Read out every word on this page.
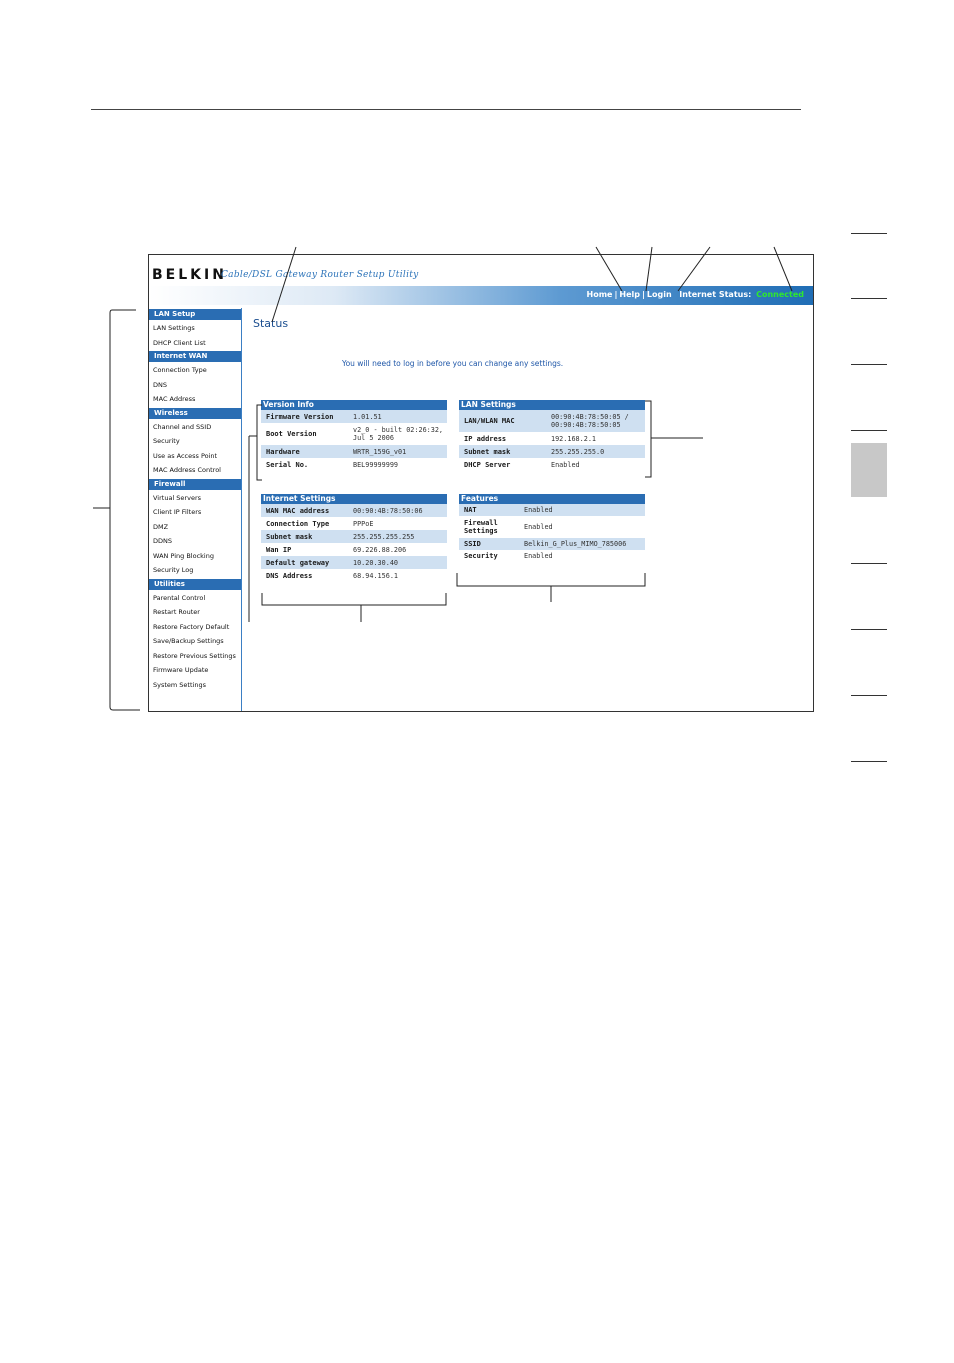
BELKIN
Cable/DSL Gateway Router Setup Utility
Home | Help | Login Internet Status: Connected
LAN Setup
LAN Settings
DHCP Client List
Internet WAN
Connection Type
DNS
MAC Address
Wireless
Channel and SSID
Security
Use as Access Point
MAC Address Control
Firewall
Virtual Servers
Client IP Filters
DMZ
DDNS
WAN Ping Blocking
Security Log
Utilities
Parental Control
Restart Router
Restore Factory Default
Save/Backup Settings
Restore Previous Settings
Firmware Update
System Settings
Status
You will need to log in before you can change any settings.
Version Info
Firmware Version	1.01.51
Boot Version	v2_0 - built 02:26:32,
Jul 5 2006
Hardware	WRTR_159G_v01
Serial No.	BEL99999999
LAN Settings
LAN/WLAN MAC	00:90:4B:78:50:05 /
00:90:4B:78:50:05
IP address	192.168.2.1
Subnet mask	255.255.255.0
DHCP Server	Enabled
Internet Settings
WAN MAC address	00:90:4B:78:50:06
Connection Type	PPPoE
Subnet mask	255.255.255.255
Wan IP	69.226.88.206
Default gateway	10.20.30.40
DNS Address	68.94.156.1
Features
NAT	Enabled
Firewall
Settings	Enabled
SSID	Belkin_G_Plus_MIMO_785006
Security	Enabled
